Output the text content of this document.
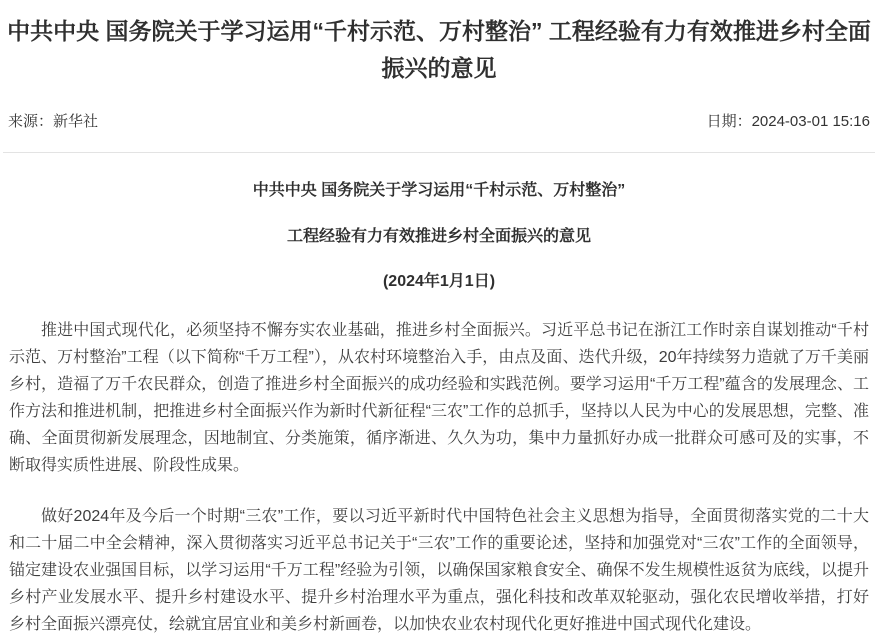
中共中央 国务院关于学习运用“千村示范、万村整治” 工程经验有力有效推进乡村全面振兴的意见
来源：新华社	日期：2024-03-01 15:16

中共中央 国务院关于学习运用“千村示范、万村整治”

工程经验有力有效推进乡村全面振兴的意见

(2024年1月1日)

推进中国式现代化，必须坚持不懈夯实农业基础，推进乡村全面振兴。习近平总书记在浙江工作时亲自谋划推动“千村示范、万村整治”工程（以下简称“千万工程”），从农村环境整治入手，由点及面、迭代升级，20年持续努力造就了万千美丽乡村，造福了万千农民群众，创造了推进乡村全面振兴的成功经验和实践范例。要学习运用“千万工程”蕴含的发展理念、工作方法和推进机制，把推进乡村全面振兴作为新时代新征程“三农”工作的总抓手，坚持以人民为中心的发展思想，完整、准确、全面贯彻新发展理念，因地制宜、分类施策，循序渐进、久久为功，集中力量抓好办成一批群众可感可及的实事，不断取得实质性进展、阶段性成果。

做好2024年及今后一个时期“三农”工作，要以习近平新时代中国特色社会主义思想为指导，全面贯彻落实党的二十大和二十届二中全会精神，深入贯彻落实习近平总书记关于“三农”工作的重要论述，坚持和加强党对“三农”工作的全面领导，锚定建设农业强国目标，以学习运用“千万工程”经验为引领，以确保国家粮食安全、确保不发生规模性返贫为底线，以提升乡村产业发展水平、提升乡村建设水平、提升乡村治理水平为重点，强化科技和改革双轮驱动，强化农民增收举措，打好乡村全面振兴漂亮仗，绘就宜居宜业和美乡村新画卷，以加快农业农村现代化更好推进中国式现代化建设。
